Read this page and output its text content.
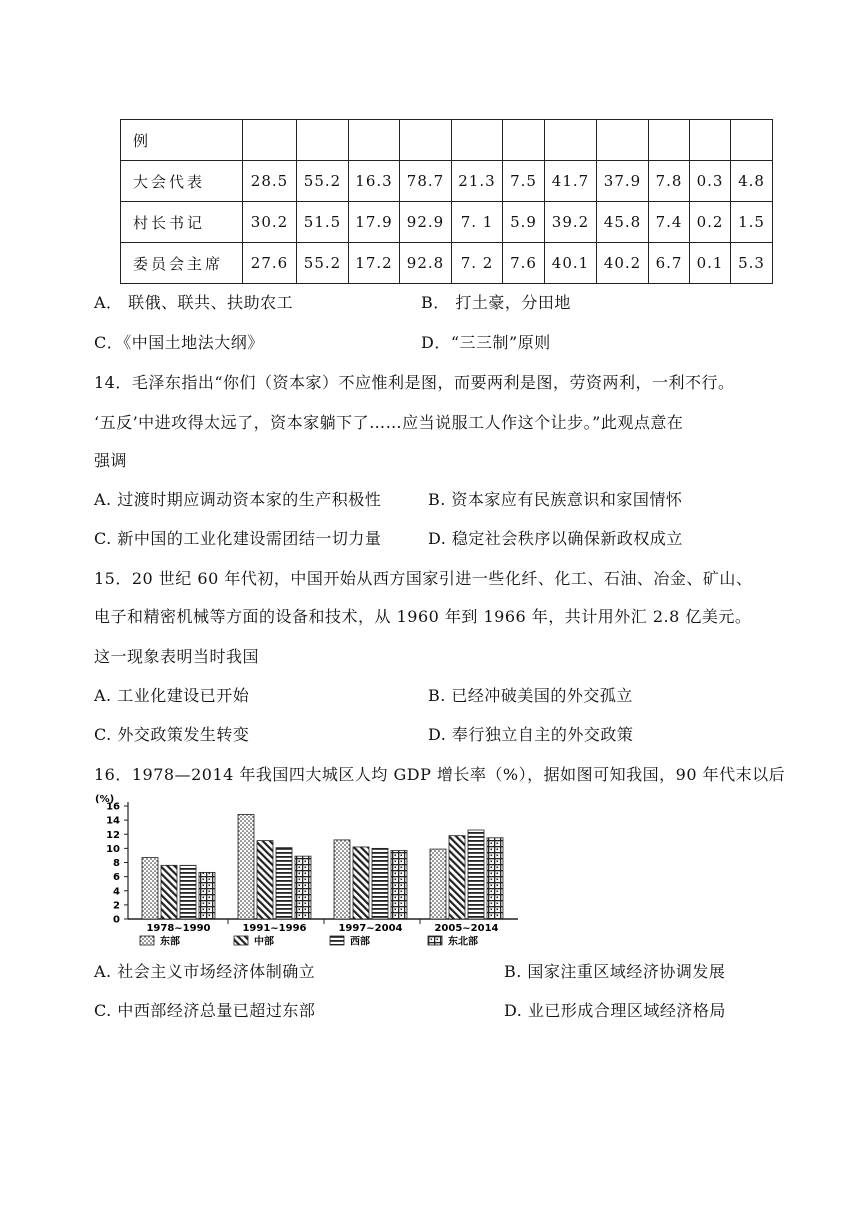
例											
大会代表	28.5	55.2	16.3	78.7	21.3	7.5	41.7	37.9	7.8	0.3	4.8
村长书记	30.2	51.5	17.9	92.9	7. 1	5.9	39.2	45.8	7.4	0.2	1.5
委员会主席	27.6	55.2	17.2	92.8	7. 2	7.6	40.1	40.2	6.7	0.1	5.3
A． 联俄、联共、扶助农工	B． 打土豪，分田地
C．《中国土地法大纲》	D．“三三制”原则
14．毛泽东指出“你们（资本家）不应惟利是图，而要两利是图，劳资两利，一利不行。
‘五反’中进攻得太远了，资本家躺下了……应当说服工人作这个让步。”此观点意在
强调
A. 过渡时期应调动资本家的生产积极性	B. 资本家应有民族意识和家国情怀
C. 新中国的工业化建设需团结一切力量	D. 稳定社会秩序以确保新政权成立
15．20 世纪 60 年代初，中国开始从西方国家引进一些化纤、化工、石油、冶金、矿山、
电子和精密机械等方面的设备和技术，从 1960 年到 1966 年，共计用外汇 2.8 亿美元。
这一现象表明当时我国
A. 工业化建设已开始	B. 已经冲破美国的外交孤立
C. 外交政策发生转变	D. 奉行独立自主的外交政策
16．1978—2014 年我国四大城区人均 GDP 增长率（%），据如图可知我国，90 年代末以后
(%)
0
2
4
6
8
10
12
14
16
1978~1990	1991~1996	1997~2004	2005~2014
东部	中部	西部	东北部
A. 社会主义市场经济体制确立	B. 国家注重区域经济协调发展
C. 中西部经济总量已超过东部	D. 业已形成合理区域经济格局
